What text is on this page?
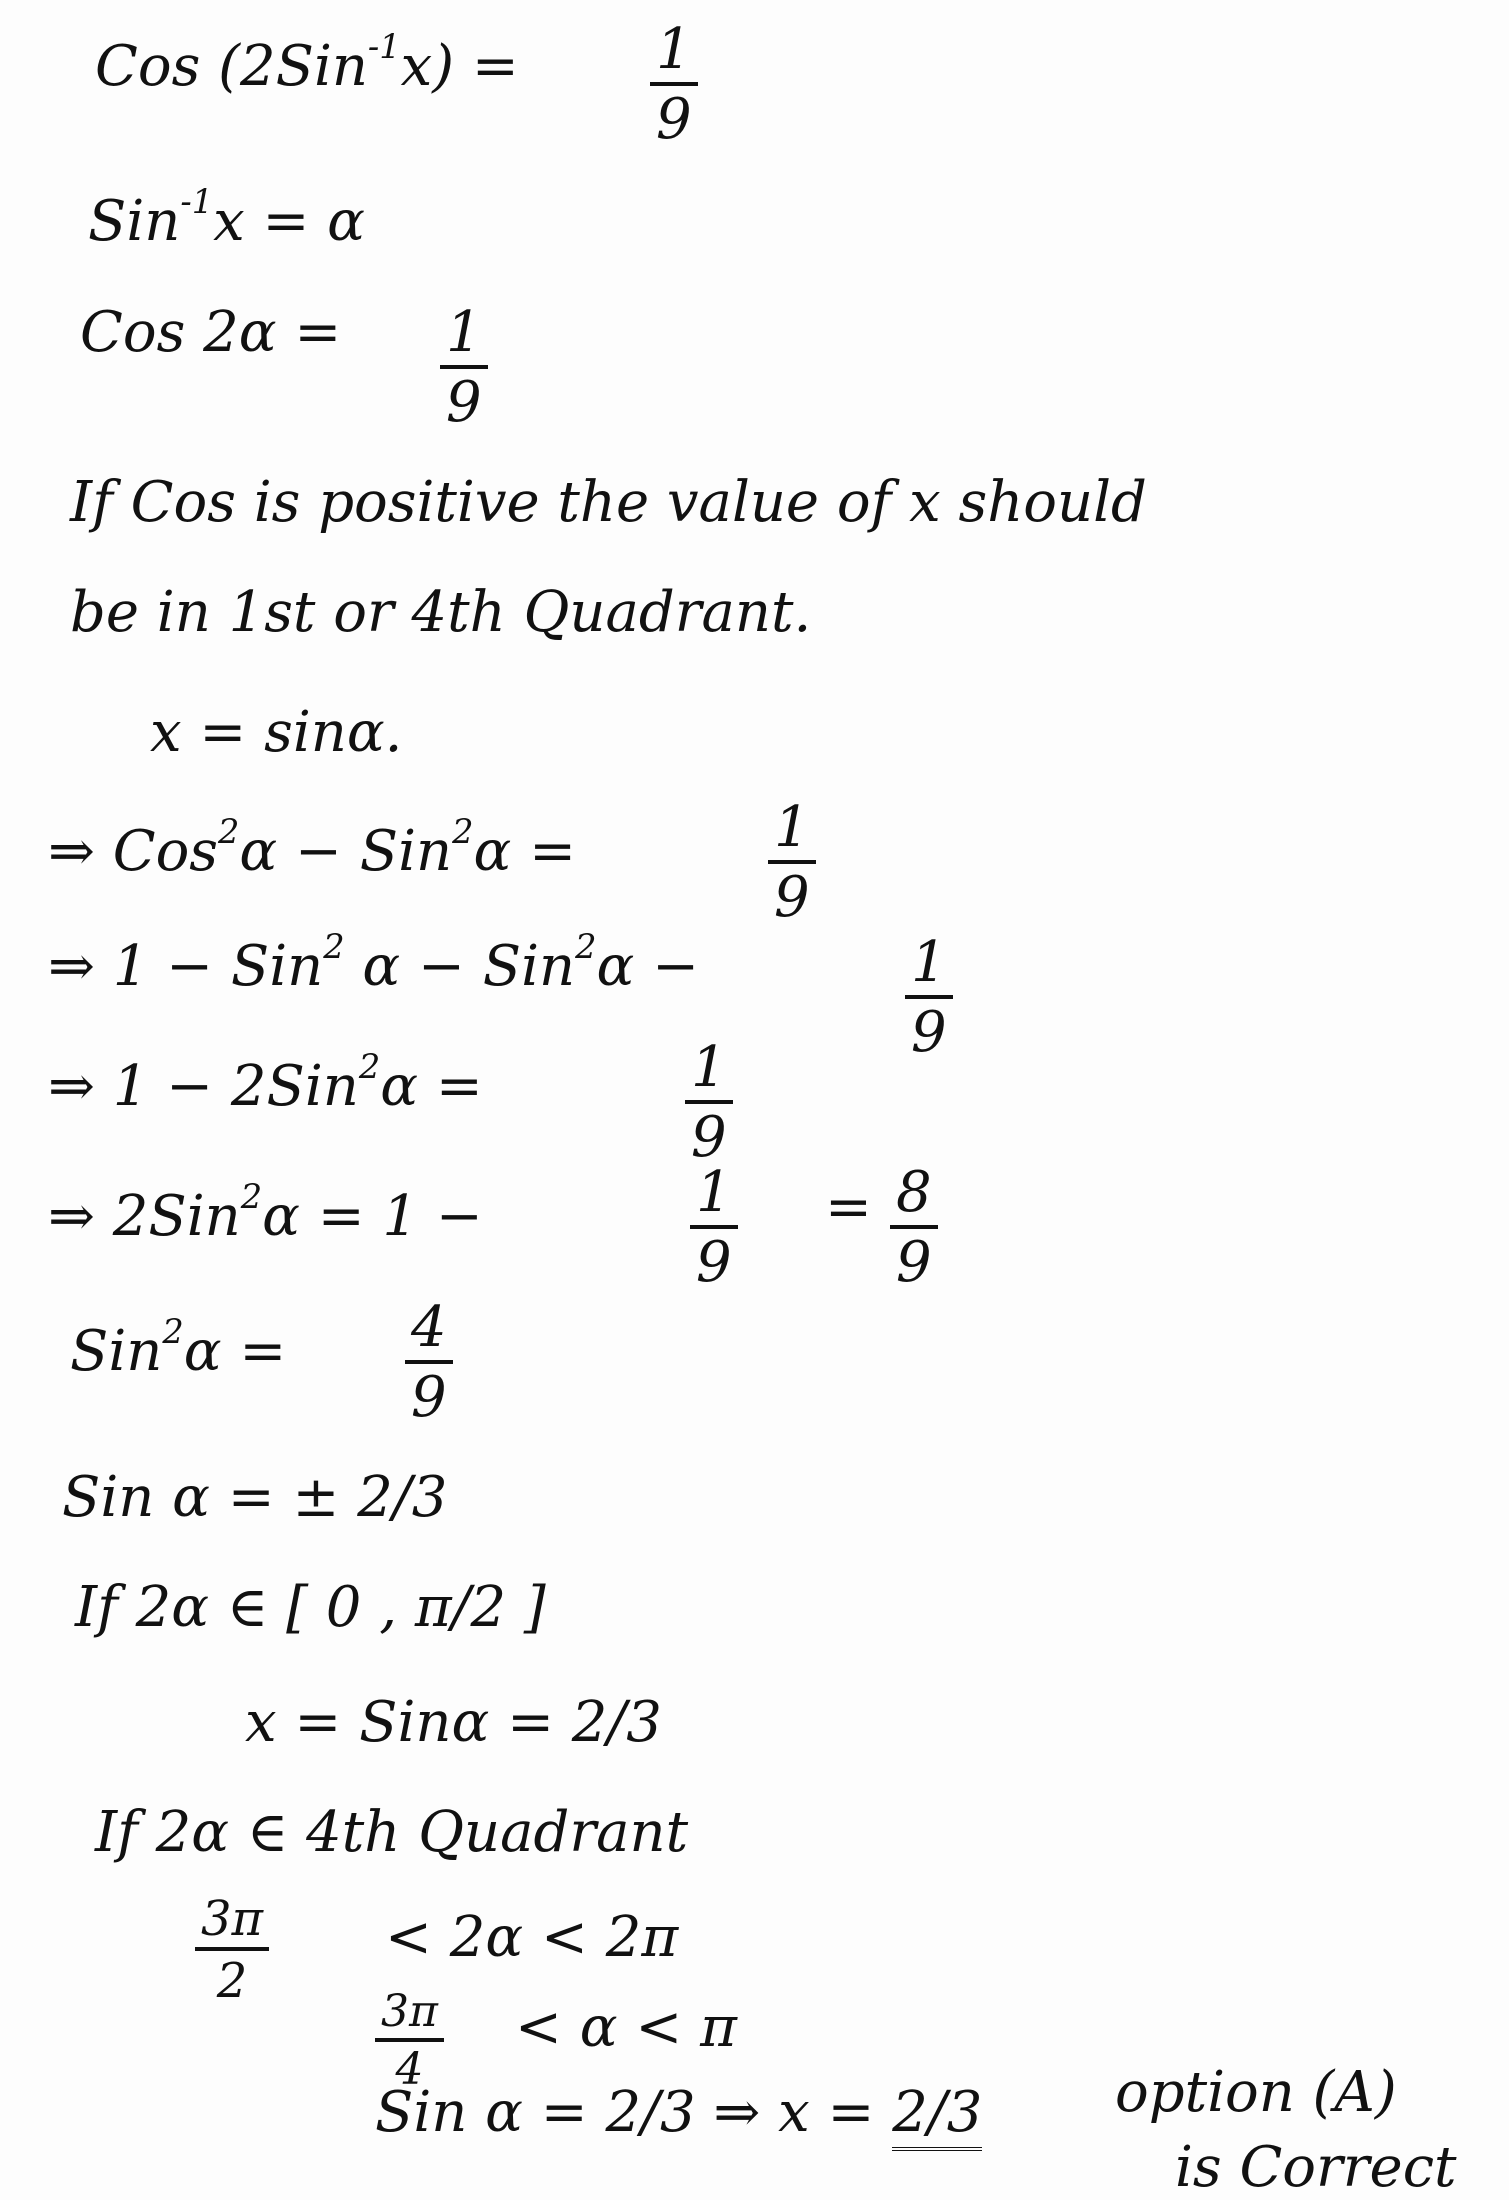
Cos $(2Sin^{-1}x) = \frac{1}{9}$
Sin$^{-1}$x = α
Cos $2\alpha = \frac{1}{9}$
If Cos is positive the value of x should
be in 1st or 4th Quadrant.
x = sinα.
⇒ Cos$^2$α − Sin$^2$α =	$\frac{1}{9}$
⇒ 1 − Sin$^2$ α − Sin$^2$α −	$\frac{1}{9}$
⇒ 1 − 2Sin$^2$α =	$\frac{1}{9}$
⇒ 2Sin$^2$α = 1 −	$\frac{1}{9} = \frac{8}{9}$
$Sin^2\alpha = \frac{4}{9}$
Sin α = ± 2/3
If 2α ∈ [ 0 , π/2 ]
x = Sinα = 2/3
If 2α ∈ 4th Quadrant
$\frac{3\pi}{2} < 2\alpha < 2\pi$
$\frac{3\pi}{4} < \alpha < \pi$
Sin α = 2/3 ⇒ x = 2/3 option (A)
is Correct
